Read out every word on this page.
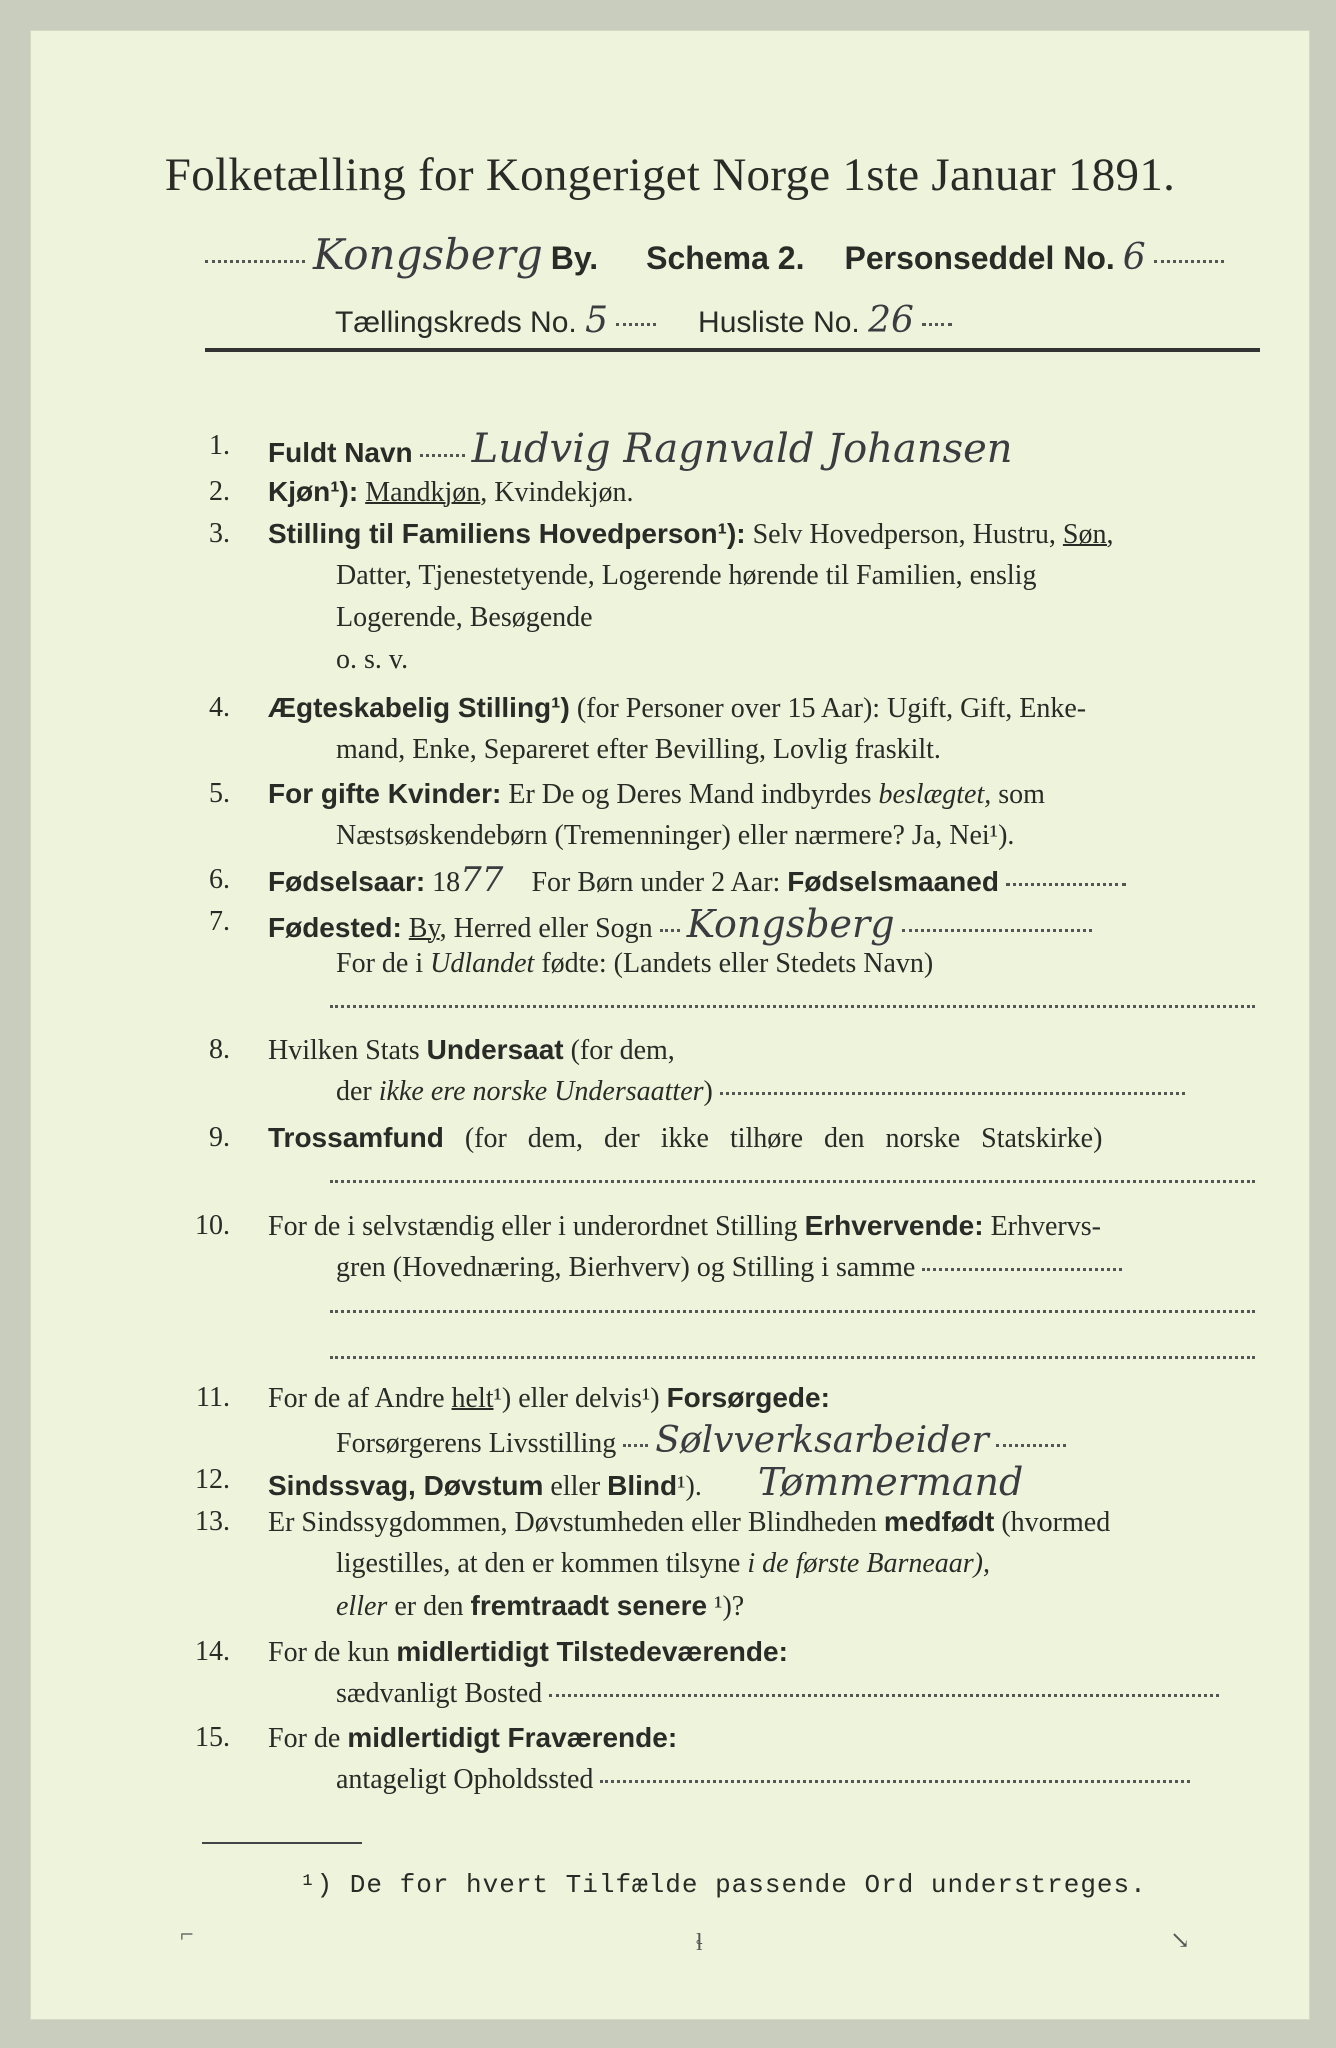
Folketælling for Kongeriget Norge 1ste Januar 1891.
Kongsberg By. Schema 2. Personseddel No. 6
Tællingskreds No. 5	Husliste No. 26
1. Fuldt Navn Ludvig Ragnvald Johansen
2. Kjøn¹): Mandkjøn, Kvindekjøn.
3. Stilling til Familiens Hovedperson¹): Selv Hovedperson, Hustru, Søn,
Datter, Tjenestetyende, Logerende hørende til Familien, enslig
Logerende, Besøgende
o. s. v.
4. Ægteskabelig Stilling¹) (for Personer over 15 Aar): Ugift, Gift, Enke-
mand, Enke, Separeret efter Bevilling, Lovlig fraskilt.
5. For gifte Kvinder: Er De og Deres Mand indbyrdes beslægtet, som
Næstsøskendebørn (Tremenninger) eller nærmere? Ja, Nei¹).
6. Fødselsaar: 1877 For Børn under 2 Aar: Fødselsmaaned
7. Fødested: By, Herred eller Sogn Kongsberg
For de i Udlandet fødte: (Landets eller Stedets Navn)
8. Hvilken Stats Undersaat (for dem,
der ikke ere norske Undersaatter)
9. Trossamfund (for dem, der ikke tilhøre den norske Statskirke)
10. For de i selvstændig eller i underordnet Stilling Erhvervende: Erhvervs-
gren (Hovednæring, Bierhverv) og Stilling i samme
11. For de af Andre helt¹) eller delvis¹) Forsørgede:
Forsørgerens Livsstilling Sølvverksarbeider
12. Sindssvag, Døvstum eller Blind¹). Tømmermand
13. Er Sindssygdommen, Døvstumheden eller Blindheden medfødt (hvormed
ligestilles, at den er kommen tilsyne i de første Barneaar),
eller er den fremtraadt senere ¹)?
14. For de kun midlertidigt Tilstedeværende:
sædvanligt Bosted
15. For de midlertidigt Fraværende:
antageligt Opholdssted
¹) De for hvert Tilfælde passende Ord understreges.
⌐	ɬ	↘
